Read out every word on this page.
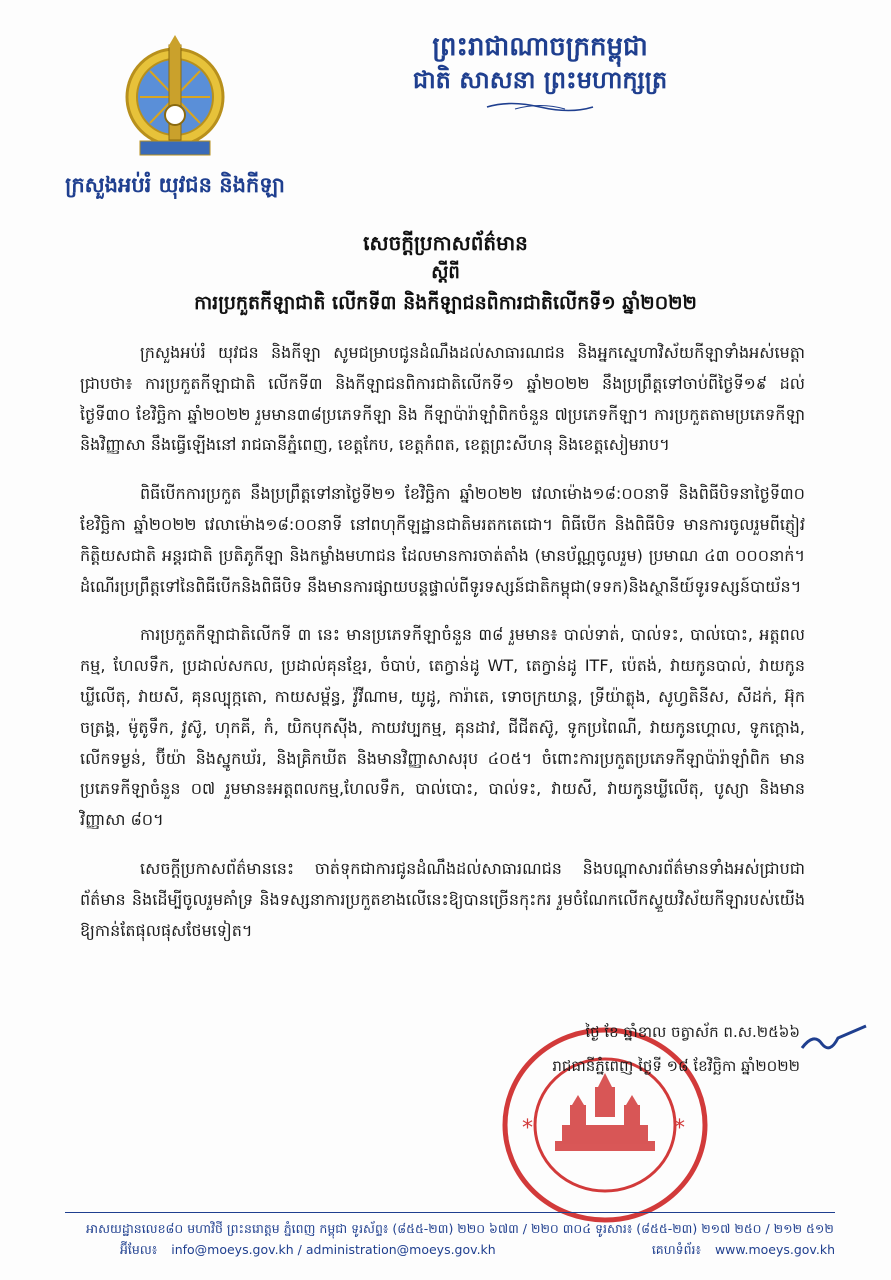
ក្រសួងអប់រំ យុវជន និងកីឡា
ព្រះរាជាណាចក្រកម្ពុជា
ជាតិ សាសនា ព្រះមហាក្សត្រ
សេចក្ដីប្រកាសព័ត៌មាន
ស្ដីពី
ការប្រកួតកីឡាជាតិ លើកទី៣ និងកីឡាជនពិការជាតិលើកទី១ ឆ្នាំ២០២២

ក្រសួងអប់រំ យុវជន និងកីឡា សូមជម្រាបជូនដំណឹងដល់សាធារណជន និងអ្នកស្នេហាវិស័យកីឡាទាំងអស់មេត្តាជ្រាបថា៖ ការប្រកួតកីឡាជាតិ លើកទី៣ និងកីឡាជនពិការជាតិលើកទី១ ឆ្នាំ២០២២ នឹងប្រព្រឹត្តទៅចាប់ពីថ្ងៃទី១៩ ដល់ថ្ងៃទី៣០ ខែវិច្ឆិកា ឆ្នាំ២០២២ រួមមាន៣៨ប្រភេទកីឡា និង កីឡាប៉ារ៉ាឡាំពិកចំនួន ៧ប្រភេទកីឡា។ ការប្រកួតតាមប្រភេទកីឡា និងវិញ្ញាសា នឹងធ្វើឡើងនៅ រាជធានីភ្នំពេញ, ខេត្តកែប, ខេត្តកំពត, ខេត្តព្រះសីហនុ និងខេត្តសៀមរាប។

ពិធីបើកការប្រកួត នឹងប្រព្រឹត្តទៅនាថ្ងៃទី២១ ខែវិច្ឆិកា ឆ្នាំ២០២២ វេលាម៉ោង១៨:០០នាទី និងពិធីបិទនាថ្ងៃទី៣០ ខែវិច្ឆិកា ឆ្នាំ២០២២ វេលាម៉ោង១៨:០០នាទី នៅពហុកីឡដ្ឋានជាតិមរតកតេជោ។ ពិធីបើក និងពិធីបិទ មានការចូលរួមពីភ្ញៀវកិត្តិយសជាតិ អន្តរជាតិ ប្រតិភូកីឡា និងកម្លាំងមហាជន ដែលមានការចាត់តាំង (មានប័ណ្ណចូលរួម) ប្រមាណ ៤៣ ០០០នាក់។ ដំណើរប្រព្រឹត្តទៅនៃពិធីបើកនិងពិធីបិទ នឹងមានការផ្សាយបន្តផ្ទាល់ពីទូរទស្សន៍ជាតិកម្ពុជា(ទទក)និងស្ថានីយ៍ទូរទស្សន៍បាយ័ន។

ការប្រកួតកីឡាជាតិលើកទី ៣ នេះ មានប្រភេទកីឡាចំនួន ៣៨ រួមមាន៖ បាល់ទាត់, បាល់ទះ, បាល់បោះ, អត្តពលកម្ម, ហែលទឹក, ប្រដាល់សកល, ប្រដាល់គុនខ្មែរ, ចំបាប់, តេក្វាន់ដូ WT, តេក្វាន់ដូ ITF, ប៉េតង់, វាយកូនបាល់, វាយកូនឃ្លីលើតុ, វាយសី, គុនល្បុក្កតោ, កាយសម្ព័ន្ធ, វ៉ូវីណាម, យូដូ, ការ៉ាតេ, ទោចក្រយាន្ត, ទ្រីយ៉ាត្លុង, សូហ្វតិនីស, សីដក់, អ៊ុកចត្រង្គ, ម៉ូតូទឹក, វូស៊ូ, ហុកគី, កំ, យិកបុកសុីង, កាយវប្បកម្ម, គុនដាវ, ជីជីតស៊ូ, ទូកប្រពៃណី, វាយកូនហ្គោល, ទូកក្ដោង, លើកទម្ងន់, ប៊ីយ៉ា និងស្នូកឃ័រ, និងគ្រិកឃីត និងមានវិញ្ញាសាសរុប ៤០៥។ ចំពោះការប្រកួតប្រភេទកីឡាប៉ារ៉ាឡាំពិក មានប្រភេទកីឡាចំនួន ០៧ រួមមាន៖អត្តពលកម្ម,ហែលទឹក, បាល់បោះ, បាល់ទះ, វាយសី, វាយកូនឃ្លីលើតុ, បូស្យា និងមានវិញ្ញាសា ៨០។

សេចក្ដីប្រកាសព័ត៌មាននេះ ចាត់ទុកជាការជូនដំណឹងដល់សាធារណជន និងបណ្ដាសារព័ត៌មានទាំងអស់ជ្រាបជាព័ត៌មាន និងដើម្បីចូលរួមគាំទ្រ និងទស្សនាការប្រកួតខាងលើនេះឱ្យបានច្រើនកុះករ រួមចំណែកលើកស្ទួយវិស័យកីឡារបស់យើង ឱ្យកាន់តែផុលផុសថែមទៀត។

*	*
ថ្ងៃ ខែ ឆ្នាំខាល ចត្វាស័ក ព.ស.២៥៦៦
រាជធានីភ្នំពេញ ថ្ងៃទី ១៨ ខែវិច្ឆិកា ឆ្នាំ២០២២
អាសយដ្ឋានលេខ៨០ មហាវិថី ព្រះនរោត្តម ភ្នំពេញ កម្ពុជា ទូរស័ព្ទ៖ (៨៥៥-២៣) ២២០ ៦៧៣ / ២២០ ៣០៤ ទូរសារ៖ (៨៥៥-២៣) ២១៧ ២៥០ / ២១២ ៥១២
អ៊ីមែល៖ info@moeys.gov.kh / administration@moeys.gov.kh	គេហទំព័រ៖ www.moeys.gov.kh
